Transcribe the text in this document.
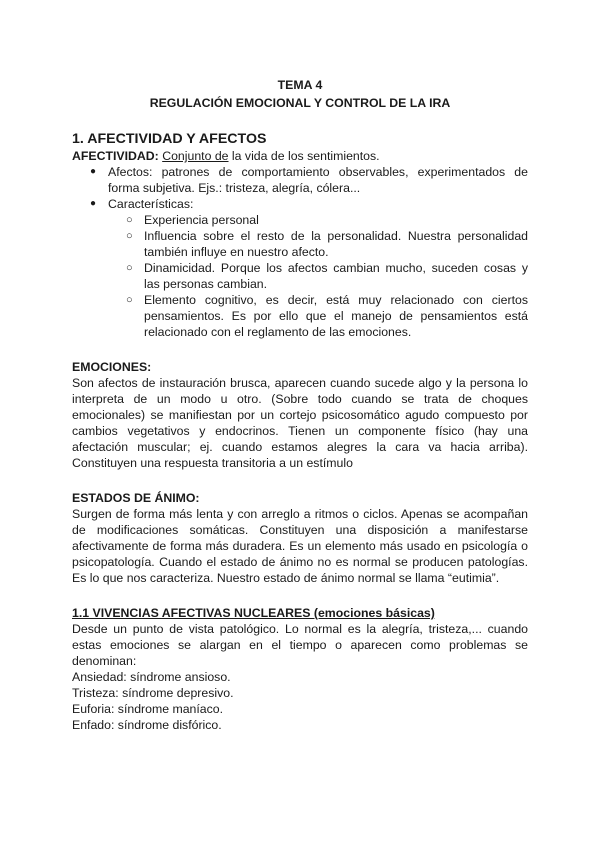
TEMA 4
REGULACIÓN EMOCIONAL Y CONTROL DE LA IRA
1. AFECTIVIDAD Y AFECTOS

AFECTIVIDAD: Conjunto de la vida de los sentimientos.

● Afectos: patrones de comportamiento observables, experimentados de forma subjetiva. Ejs.: tristeza, alegría, cólera...
● Características:
○ Experiencia personal
○ Influencia sobre el resto de la personalidad. Nuestra personalidad también influye en nuestro afecto.
○ Dinamicidad. Porque los afectos cambian mucho, suceden cosas y las personas cambian.
○ Elemento cognitivo, es decir, está muy relacionado con ciertos pensamientos. Es por ello que el manejo de pensamientos está relacionado con el reglamento de las emociones.
EMOCIONES:

Son afectos de instauración brusca, aparecen cuando sucede algo y la persona lo interpreta de un modo u otro. (Sobre todo cuando se trata de choques emocionales) se manifiestan por un cortejo psicosomático agudo compuesto por cambios vegetativos y endocrinos. Tienen un componente físico (hay una afectación muscular; ej. cuando estamos alegres la cara va hacia arriba). Constituyen una respuesta transitoria a un estímulo

ESTADOS DE ÁNIMO:

Surgen de forma más lenta y con arreglo a ritmos o ciclos. Apenas se acompañan de modificaciones somáticas. Constituyen una disposición a manifestarse afectivamente de forma más duradera. Es un elemento más usado en psicología o psicopatología. Cuando el estado de ánimo no es normal se producen patologías. Es lo que nos caracteriza. Nuestro estado de ánimo normal se llama “eutimia”.

1.1 VIVENCIAS AFECTIVAS NUCLEARES (emociones básicas)

Desde un punto de vista patológico. Lo normal es la alegría, tristeza,... cuando estas emociones se alargan en el tiempo o aparecen como problemas se denominan:

Ansiedad: síndrome ansioso.

Tristeza: síndrome depresivo.

Euforia: síndrome maníaco.

Enfado: síndrome disfórico.
